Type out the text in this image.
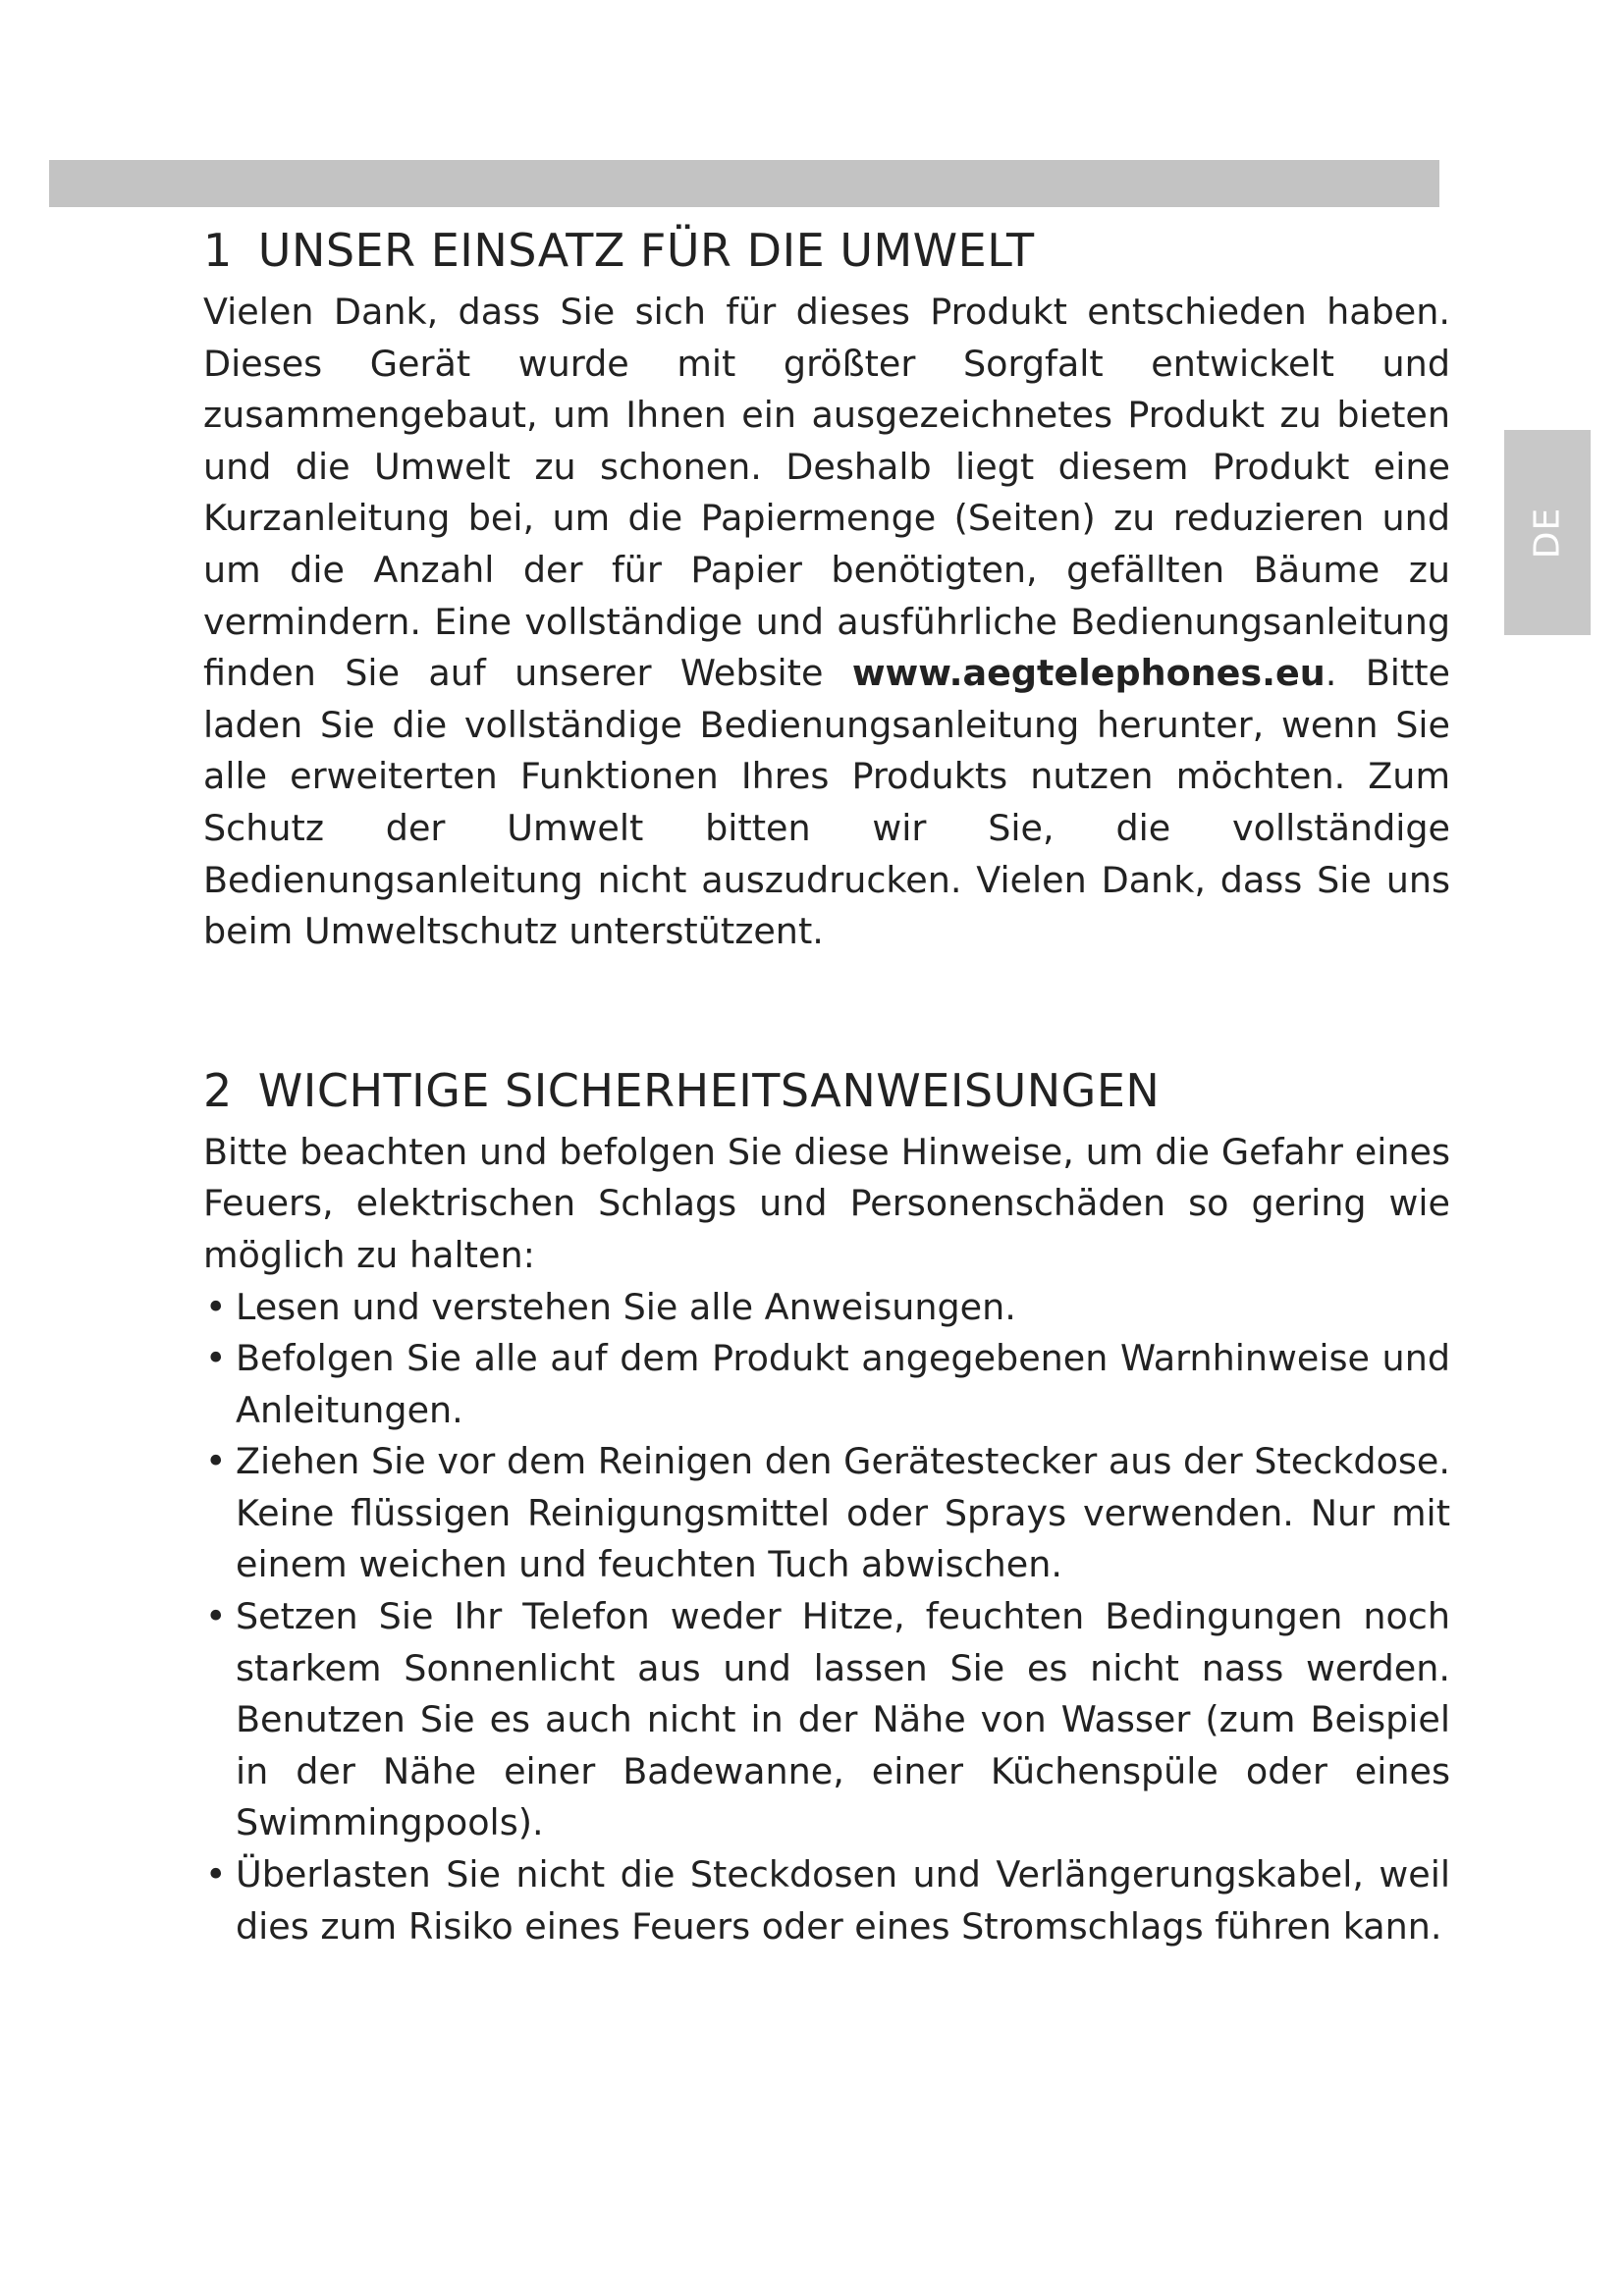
DE
1 UNSER EINSATZ FÜR DIE UMWELT

Vielen Dank, dass Sie sich für dieses Produkt entschieden haben. Dieses Gerät wurde mit größter Sorgfalt entwickelt und zusammengebaut, um Ihnen ein ausgezeichnetes Produkt zu bieten und die Umwelt zu schonen. Deshalb liegt diesem Produkt eine Kurzanleitung bei, um die Papiermenge (Seiten) zu reduzieren und um die Anzahl der für Papier benötigten, gefällten Bäume zu vermindern. Eine vollständige und ausführliche Bedienungsanleitung finden Sie auf unserer Website www.aegtelephones.eu. Bitte laden Sie die vollständige Bedienungsanleitung herunter, wenn Sie alle erweiterten Funktionen Ihres Produkts nutzen möchten. Zum Schutz der Umwelt bitten wir Sie, die vollständige Bedienungsanleitung nicht auszudrucken. Vielen Dank, dass Sie uns beim Umweltschutz unterstützent.

2 WICHTIGE SICHERHEITSANWEISUNGEN

Bitte beachten und befolgen Sie diese Hinweise, um die Gefahr eines Feuers, elektrischen Schlags und Personenschäden so gering wie möglich zu halten:

• Lesen und verstehen Sie alle Anweisungen.
• Befolgen Sie alle auf dem Produkt angegebenen Warnhinweise und Anleitungen.
• Ziehen Sie vor dem Reinigen den Gerätestecker aus der Steckdose. Keine flüssigen Reinigungsmittel oder Sprays verwenden. Nur mit einem weichen und feuchten Tuch abwischen.
• Setzen Sie Ihr Telefon weder Hitze, feuchten Bedingungen noch starkem Sonnenlicht aus und lassen Sie es nicht nass werden. Benutzen Sie es auch nicht in der Nähe von Wasser (zum Beispiel in der Nähe einer Badewanne, einer Küchenspüle oder eines Swimmingpools).
• Überlasten Sie nicht die Steckdosen und Verlängerungskabel, weil dies zum Risiko eines Feuers oder eines Stromschlags führen kann.
